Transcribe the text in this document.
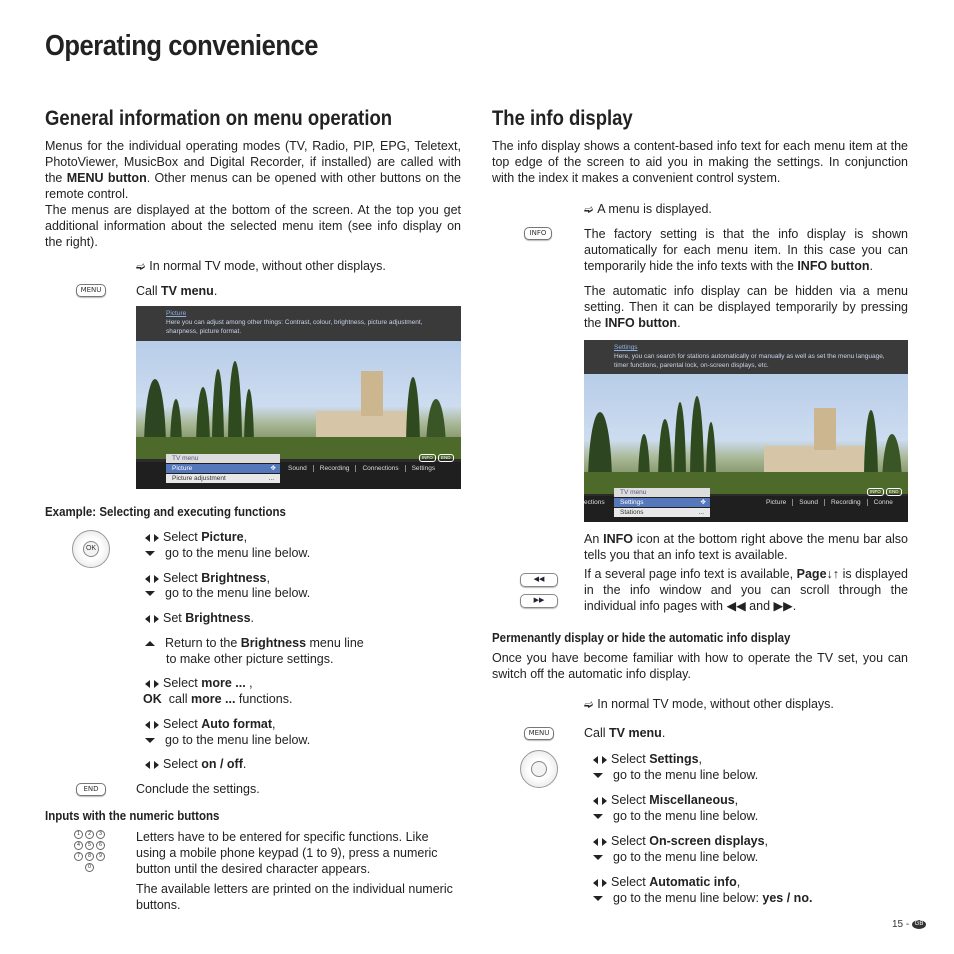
Operating convenience
General information on menu operation

Menus for the individual operating modes (TV, Radio, PIP, EPG, Teletext, PhotoViewer, MusicBox and Digital Recorder, if installed) are called with the MENU button. Other menus can be opened with other buttons on the remote control.

The menus are displayed at the bottom of the screen. At the top you get additional information about the selected menu item (see info display on the right).

➫ In normal TV mode, without other displays.
MENU	Call TV menu.
Picture
Here you can adjust among other things: Contrast, colour, brightness, picture adjustment, sharpness, picture format.
INFO	END
TV menu
Picture	✥
Picture adjustment	...
Sound Recording Connections Settings
Example: Selecting and executing functions
OK
Select Picture,
go to the menu line below.
Select Brightness,
go to the menu line below.
Set Brightness.
Return to the Brightness menu line
to make other picture settings.
Select more ... ,
OK call more ... functions.
Select Auto format,
go to the menu line below.
Select on / off.
END	Conclude the settings.
Inputs with the numeric buttons
1	2	3
4	5	6
7	8	9
0

Letters have to be entered for specific functions. Like using a mobile phone keypad (1 to 9), press a numeric button until the desired character appears.

The available letters are printed on the individual numeric buttons.

The info display
The info display shows a content-based info text for each menu item at the top edge of the screen to aid you in making the settings. In conjunction with the index it makes a convenient control system.
➫ A menu is displayed.
INFO	The factory setting is that the info display is shown automatically for each menu item. In this case you can temporarily hide the info texts with the INFO button.

The automatic info display can be hidden via a menu setting. Then it can be displayed temporarily by pressing the INFO button.

Settings
Here, you can search for stations automatically or manually as well as set the menu language, timer functions, parental lock, on-screen displays, etc.
INFO	END
TV menu
Settings	✥
Stations	...
ections	Picture Sound Recording Conne

An INFO icon at the bottom right above the menu bar also tells you that an info text is available.

◀◀
▶▶

If a several page info text is available, Page↓↑ is displayed in the info window and you can scroll through the individual info pages with ◀◀ and ▶▶.

Permenantly display or hide the automatic info display
Once you have become familiar with how to operate the TV set, you can switch off the automatic info display.
➫ In normal TV mode, without other displays.
MENU	Call TV menu.
Select Settings,
go to the menu line below.
Select Miscellaneous,
go to the menu line below.
Select On-screen displays,
go to the menu line below.
Select Automatic info,
go to the menu line below: yes / no.
15 - GB
